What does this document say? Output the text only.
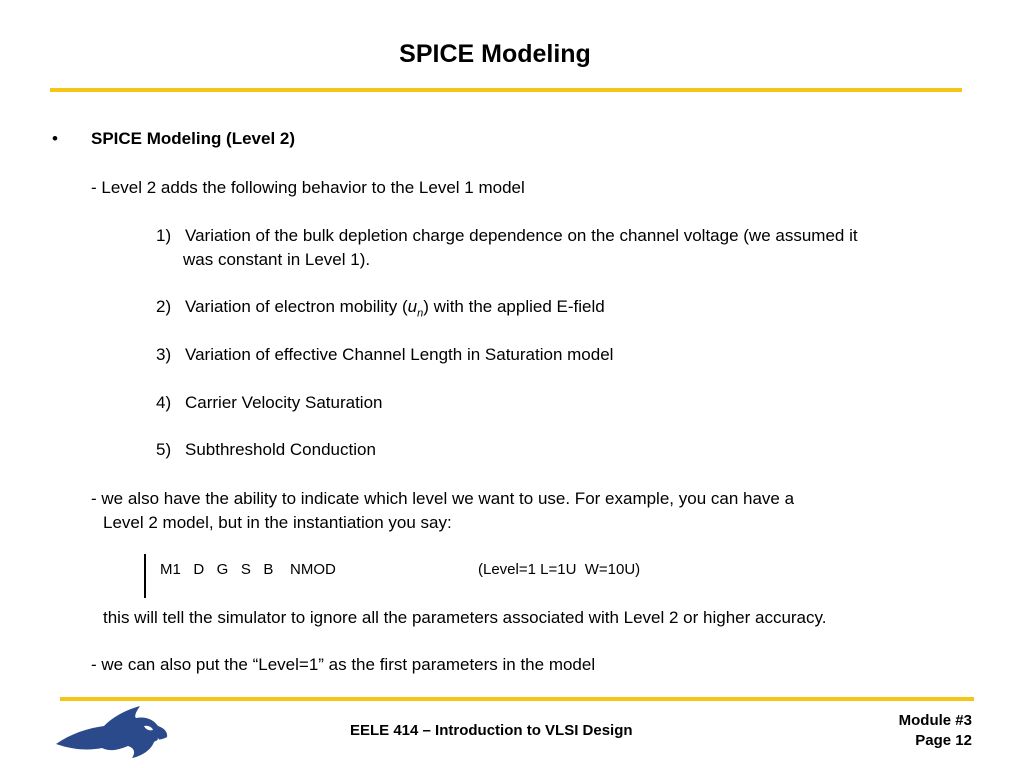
SPICE Modeling
• SPICE Modeling (Level 2)
- Level 2 adds the following behavior to the Level 1 model
1) Variation of the bulk depletion charge dependence on the channel voltage (we assumed it
was constant in Level 1).
2) Variation of electron mobility $(u_n)$ with the applied E-field
3) Variation of effective Channel Length in Saturation model
4) Carrier Velocity Saturation
5) Subthreshold Conduction
- we also have the ability to indicate which level we want to use. For example, you can have a
Level 2 model, but in the instantiation you say:
M1   D   G   S   B    NMOD	(Level=1 L=1U  W=10U)
this will tell the simulator to ignore all the parameters associated with Level 2 or higher accuracy.
- we can also put the “Level=1” as the first parameters in the model
EELE 414 – Introduction to VLSI Design
Module #3
Page 12
